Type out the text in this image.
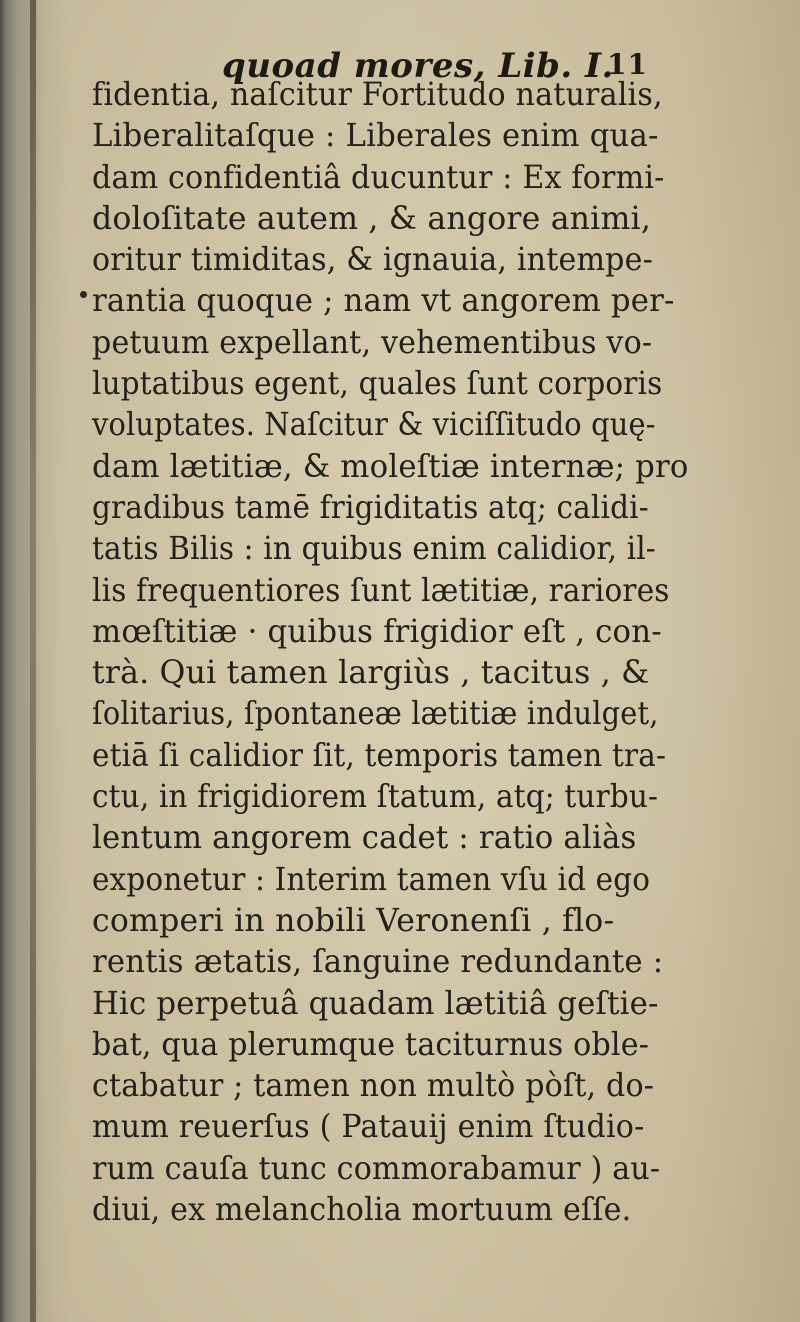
quoad mores, Lib. I.
11
fidentia, naſcitur Fortitudo naturalis,
Liberalitaſque : Liberales enim qua-
dam confidentiâ ducuntur : Ex formi-
doloſitate autem , & angore animi,
oritur timiditas, & ignauia, intempe-
rantia quoque ; nam vt angorem per-
petuum expellant, vehementibus vo-
luptatibus egent, quales ſunt corporis
voluptates. Naſcitur & viciſſitudo quę-
dam lætitiæ, & moleſtiæ internæ; pro
gradibus tamē frigiditatis atq; calidi-
tatis Bilis : in quibus enim calidior, il-
lis frequentiores ſunt lætitiæ, rariores
mœſtitiæ · quibus frigidior eſt , con-
trà. Qui tamen largiùs , tacitus , &
ſolitarius, ſpontaneæ lætitiæ indulget,
etiā ſi calidior ſit, temporis tamen tra-
ctu, in frigidiorem ſtatum, atq; turbu-
lentum angorem cadet : ratio aliàs
exponetur : Interim tamen vſu id ego
comperi in nobili Veronenſi , flo-
rentis ætatis, ſanguine redundante :
Hic perpetuâ quadam lætitiâ geſtie-
bat, qua plerumque taciturnus oble-
ctabatur ; tamen non multò pòſt, do-
mum reuerſus ( Patauij enim ſtudio-
rum cauſa tunc commorabamur ) au-
diui, ex melancholia mortuum eſſe.
